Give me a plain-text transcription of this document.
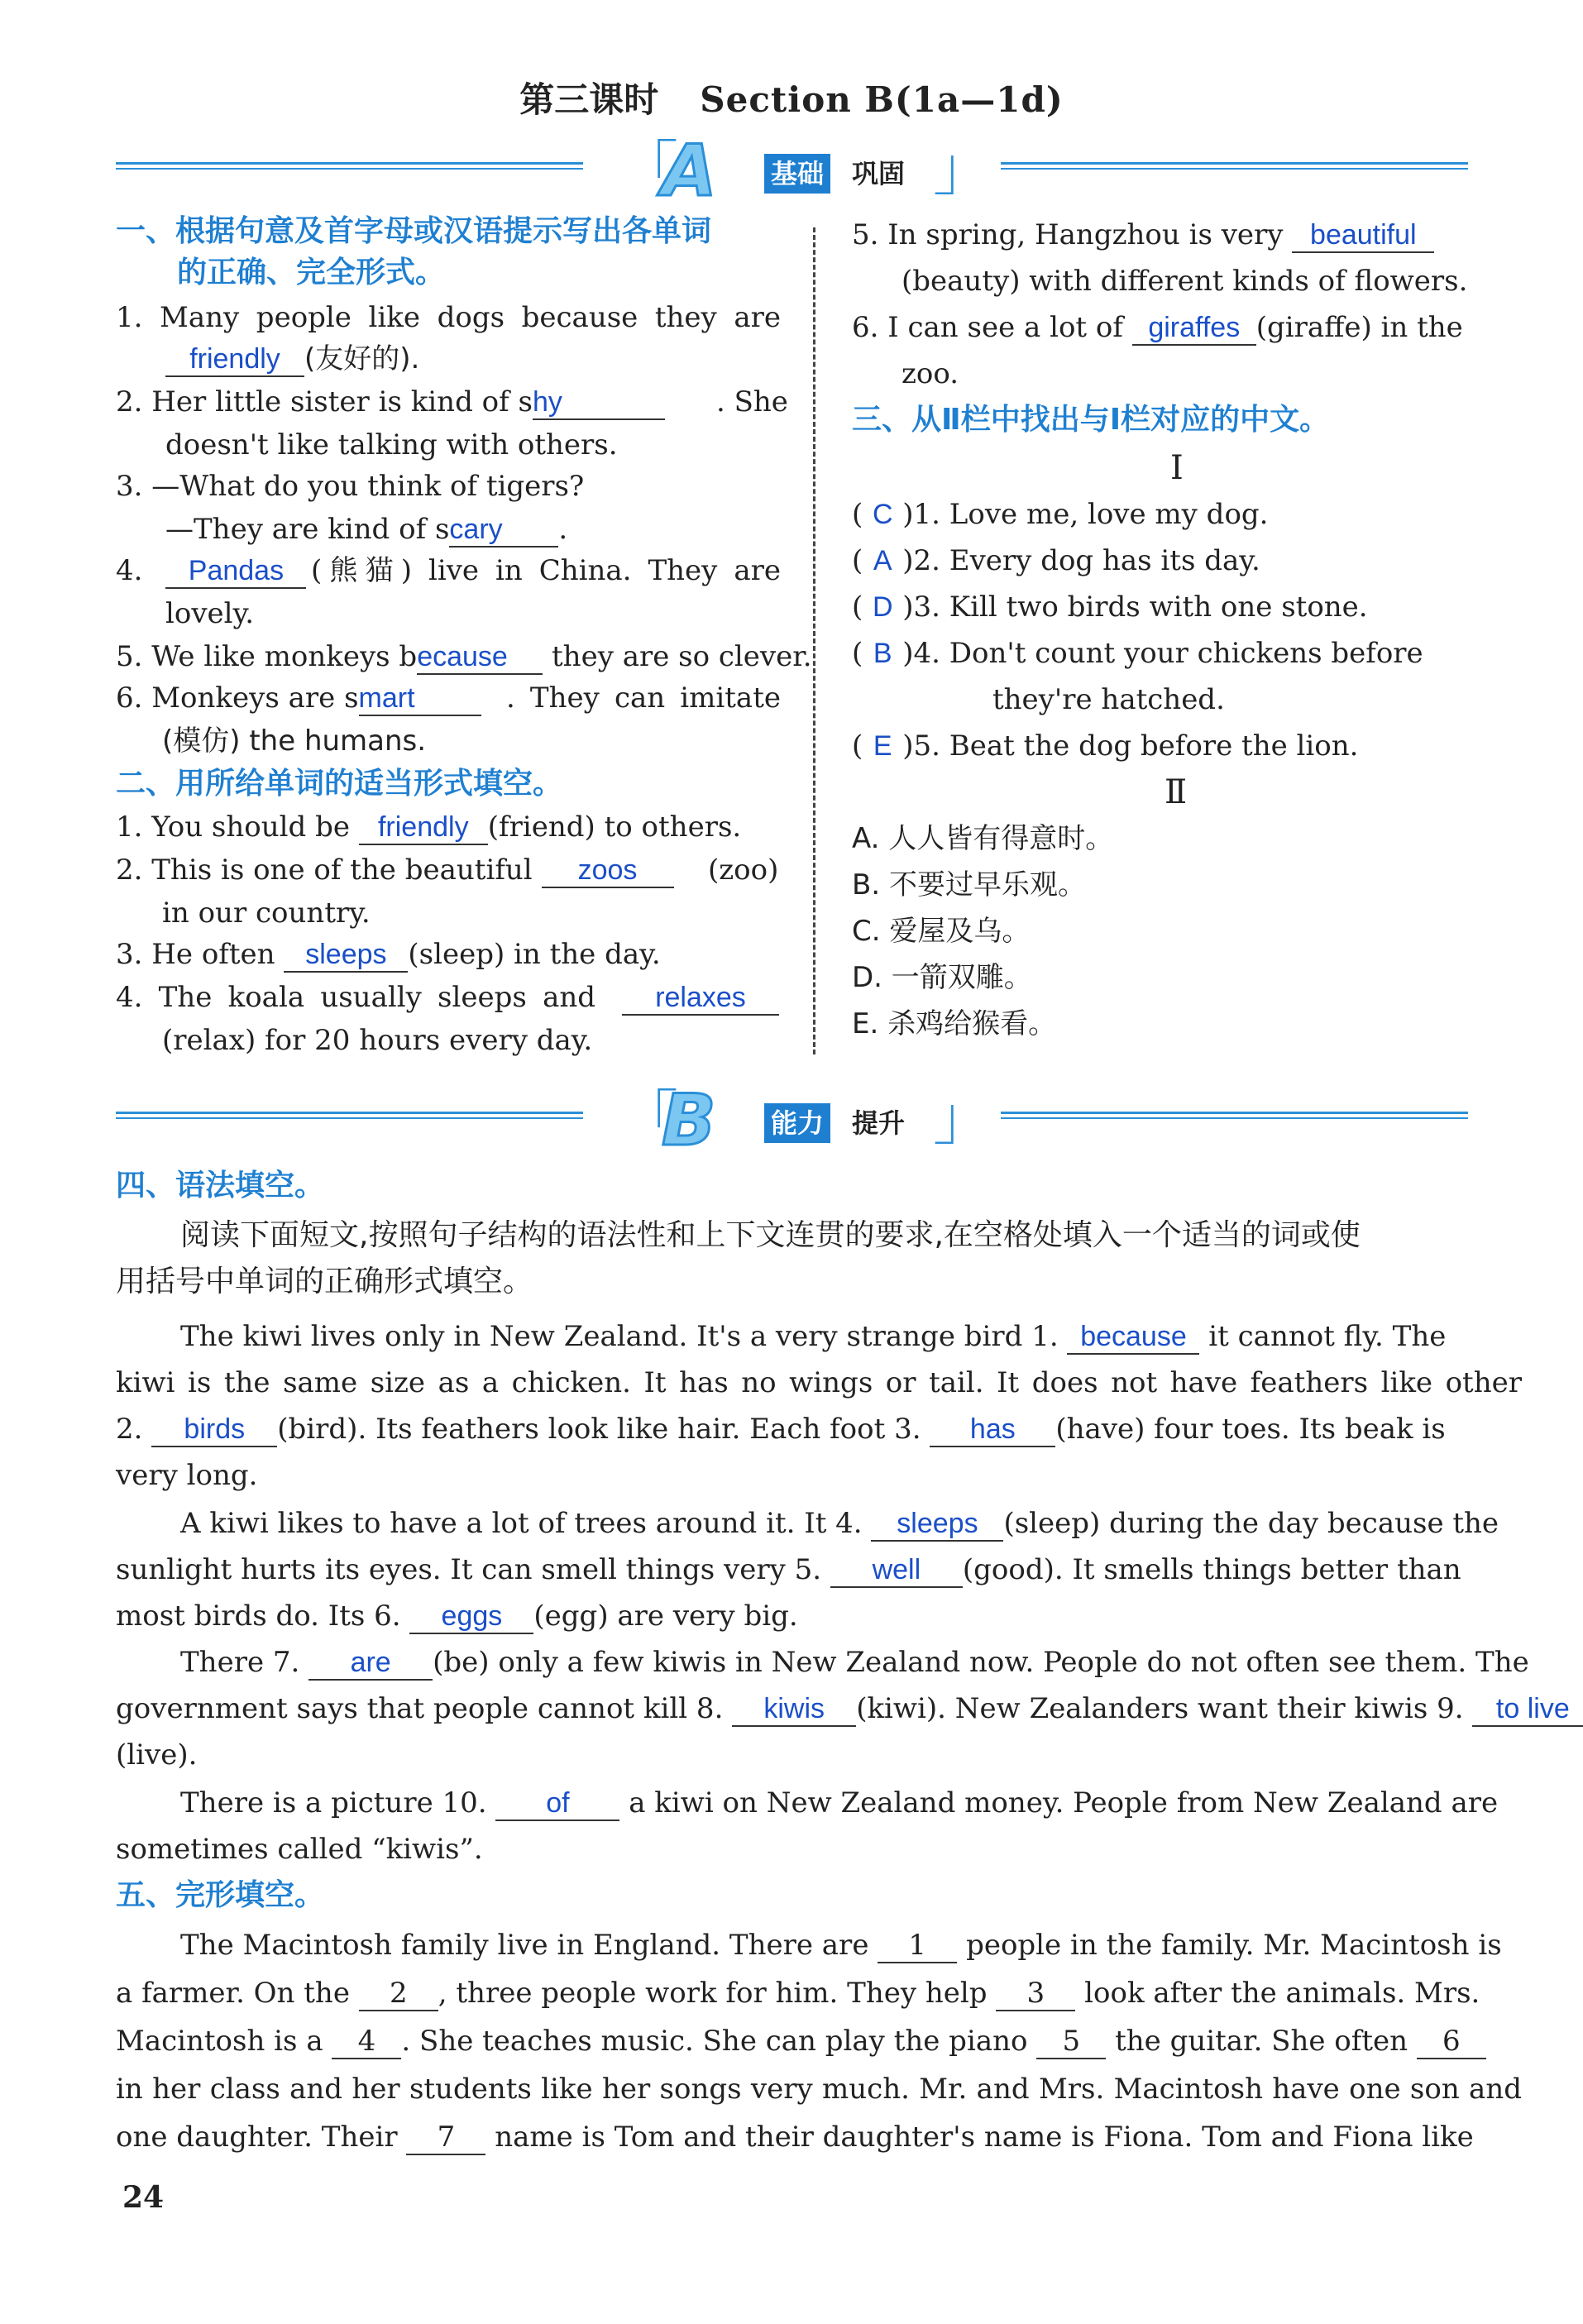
第三课时 Section B(1a—1d)
「
A 基础 巩固 」
一、根据句意及首字母或汉语提示写出各单词
的正确、完全形式。
1. Many people like dogs because they are
friendly (友好的).
2. Her little sister is kind of shy	. She
doesn't like talking with others.
3. —What do you think of tigers?
—They are kind of scary .
4. Pandas (熊猫) live in China. They are
lovely.
5. We like monkeys because they are so clever.
6. Monkeys are smart	. They can imitate
(模仿) the humans.
二、用所给单词的适当形式填空。
1. You should be friendly (friend) to others.
2. This is one of the beautiful zoos	(zoo)
in our country.
3. He often sleeps (sleep) in the day.
4. The koala usually sleeps and	relaxes
(relax) for 20 hours every day.
5. In spring, Hangzhou is very beautiful
(beauty) with different kinds of flowers.
6. I can see a lot of giraffes (giraffe) in the
zoo.
三、从Ⅱ栏中找出与Ⅰ栏对应的中文。
Ⅰ
( C )1. Love me, love my dog.
( A )2. Every dog has its day.
( D )3. Kill two birds with one stone.
( B )4. Don't count your chickens before
they're hatched.
( E )5. Beat the dog before the lion.
Ⅱ
A. 人人皆有得意时。
B. 不要过早乐观。
C. 爱屋及乌。
D. 一箭双雕。
E. 杀鸡给猴看。
「
B 能力 提升 」
四、语法填空。
阅读下面短文,按照句子结构的语法性和上下文连贯的要求,在空格处填入一个适当的词或使
用括号中单词的正确形式填空。
The kiwi lives only in New Zealand. It's a very strange bird 1. because it cannot fly. The
kiwi is the same size as a chicken. It has no wings or tail. It does not have feathers like other
2. birds (bird). Its feathers look like hair. Each foot 3. has (have) four toes. Its beak is
very long.
A kiwi likes to have a lot of trees around it. It 4. sleeps (sleep) during the day because the
sunlight hurts its eyes. It can smell things very 5. well (good). It smells things better than
most birds do. Its 6. eggs (egg) are very big.
There 7. are (be) only a few kiwis in New Zealand now. People do not often see them. The
government says that people cannot kill 8. kiwis (kiwi). New Zealanders want their kiwis 9. to live
(live).
There is a picture 10. of a kiwi on New Zealand money. People from New Zealand are
sometimes called “kiwis”.
五、完形填空。
The Macintosh family live in England. There are 1 people in the family. Mr. Macintosh is
a farmer. On the 2 , three people work for him. They help 3 look after the animals. Mrs.
Macintosh is a 4 . She teaches music. She can play the piano 5 the guitar. She often 6
in her class and her students like her songs very much. Mr. and Mrs. Macintosh have one son and
one daughter. Their 7 name is Tom and their daughter's name is Fiona. Tom and Fiona like
24
